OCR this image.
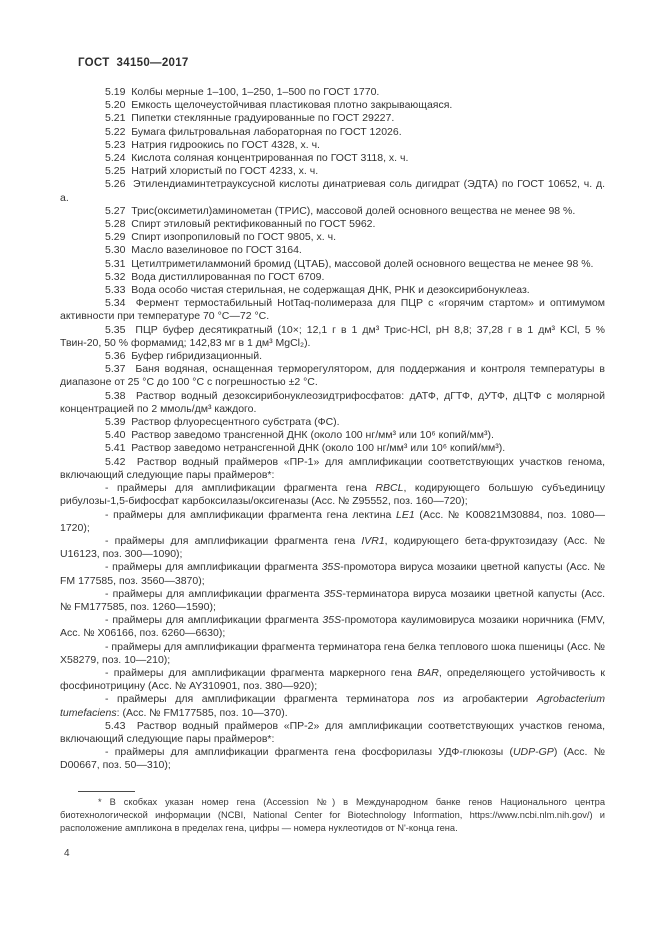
ГОСТ  34150—2017

5.19  Колбы мерные 1–100, 1–250, 1–500 по ГОСТ 1770.

5.20  Емкость щелочеустойчивая пластиковая плотно закрывающаяся.

5.21  Пипетки стеклянные градуированные по ГОСТ 29227.

5.22  Бумага фильтровальная лабораторная по ГОСТ 12026.

5.23  Натрия гидроокись по ГОСТ 4328, х. ч.

5.24  Кислота соляная концентрированная по ГОСТ 3118, х. ч.

5.25  Натрий хлористый по ГОСТ 4233, х. ч.

5.26  Этилендиаминтетрауксусной кислоты динатриевая соль дигидрат (ЭДТА) по ГОСТ 10652, ч. д. а.

5.27  Трис(оксиметил)аминометан (ТРИС), массовой долей основного вещества не менее 98 %.

5.28  Спирт этиловый ректификованный по ГОСТ 5962.

5.29  Спирт изопропиловый по ГОСТ 9805, х. ч.

5.30  Масло вазелиновое по ГОСТ 3164.

5.31  Цетилтриметиламмоний бромид (ЦТАБ), массовой долей основного вещества не менее 98 %.

5.32  Вода дистиллированная по ГОСТ 6709.

5.33  Вода особо чистая стерильная, не содержащая ДНК, РНК и дезоксирибонуклеаз.

5.34  Фермент термостабильный HotTaq-полимераза для ПЦР с «горячим стартом» и оптимумом активности при температуре 70 °С—72 °С.

5.35  ПЦР буфер десятикратный (10×; 12,1 г в 1 дм³ Трис-HCl, pH 8,8; 37,28 г в 1 дм³ KCl, 5 % Твин-20, 50 % формамид; 142,83 мг в 1 дм³ MgCl₂).

5.36  Буфер гибридизационный.

5.37  Баня водяная, оснащенная терморегулятором, для поддержания и контроля температуры в диапазоне от 25 °С до 100 °С с погрешностью ±2 °С.

5.38  Раствор водный дезоксирибонуклеозидтрифосфатов: дАТФ, дГТФ, дУТФ, дЦТФ с молярной концентрацией по 2 ммоль/дм³ каждого.

5.39  Раствор флуоресцентного субстрата (ФС).

5.40  Раствор заведомо трансгенной ДНК (около 100 нг/мм³ или 10⁶ копий/мм³).

5.41  Раствор заведомо нетрансгенной ДНК (около 100 нг/мм³ или 10⁶ копий/мм³).

5.42  Раствор водный праймеров «ПР-1» для амплификации соответствующих участков генома, включающий следующие пары праймеров*:

- праймеры для амплификации фрагмента гена RBCL, кодирующего большую субъединицу рибулозы-1,5-бифосфат карбоксилазы/оксигеназы (Асс. № Z95552, поз. 160—720);

- праймеры для амплификации фрагмента гена лектина LE1 (Асс. № K00821M30884, поз. 1080—1720);

- праймеры для амплификации фрагмента гена IVR1, кодирующего бета-фруктозидазу (Асс. № U16123, поз. 300—1090);

- праймеры для амплификации фрагмента 35S-промотора вируса мозаики цветной капусты (Асс. № FM 177585, поз. 3560—3870);

- праймеры для амплификации фрагмента 35S-терминатора вируса мозаики цветной капусты (Асс. № FM177585, поз. 1260—1590);

- праймеры для амплификации фрагмента 35S-промотора каулимовируса мозаики норичника (FMV, Асс. № X06166, поз. 6260—6630);

- праймеры для амплификации фрагмента терминатора гена белка теплового шока пшеницы (Асс. № X58279, поз. 10—210);

- праймеры для амплификации фрагмента маркерного гена BAR, определяющего устойчивость к фосфинотрицину (Асс. № AY310901, поз. 380—920);

- праймеры для амплификации фрагмента терминатора nos из агробактерии Agrobacterium tumefaciens: (Асс. № FM177585, поз. 10—370).

5.43  Раствор водный праймеров «ПР-2» для амплификации соответствующих участков генома, включающий следующие пары праймеров*:

- праймеры для амплификации фрагмента гена фосфорилазы УДФ-глюкозы (UDP-GP) (Асс. № D00667, поз. 50—310);

* В скобках указан номер гена (Accession №) в Международном банке генов Национального центра биотехнологической информации (NCBI, National Center for Biotechnology Information, https://www.ncbi.nlm.nih.gov/) и расположение ампликона в пределах гена, цифры — номера нуклеотидов от N'-конца гена.
4
